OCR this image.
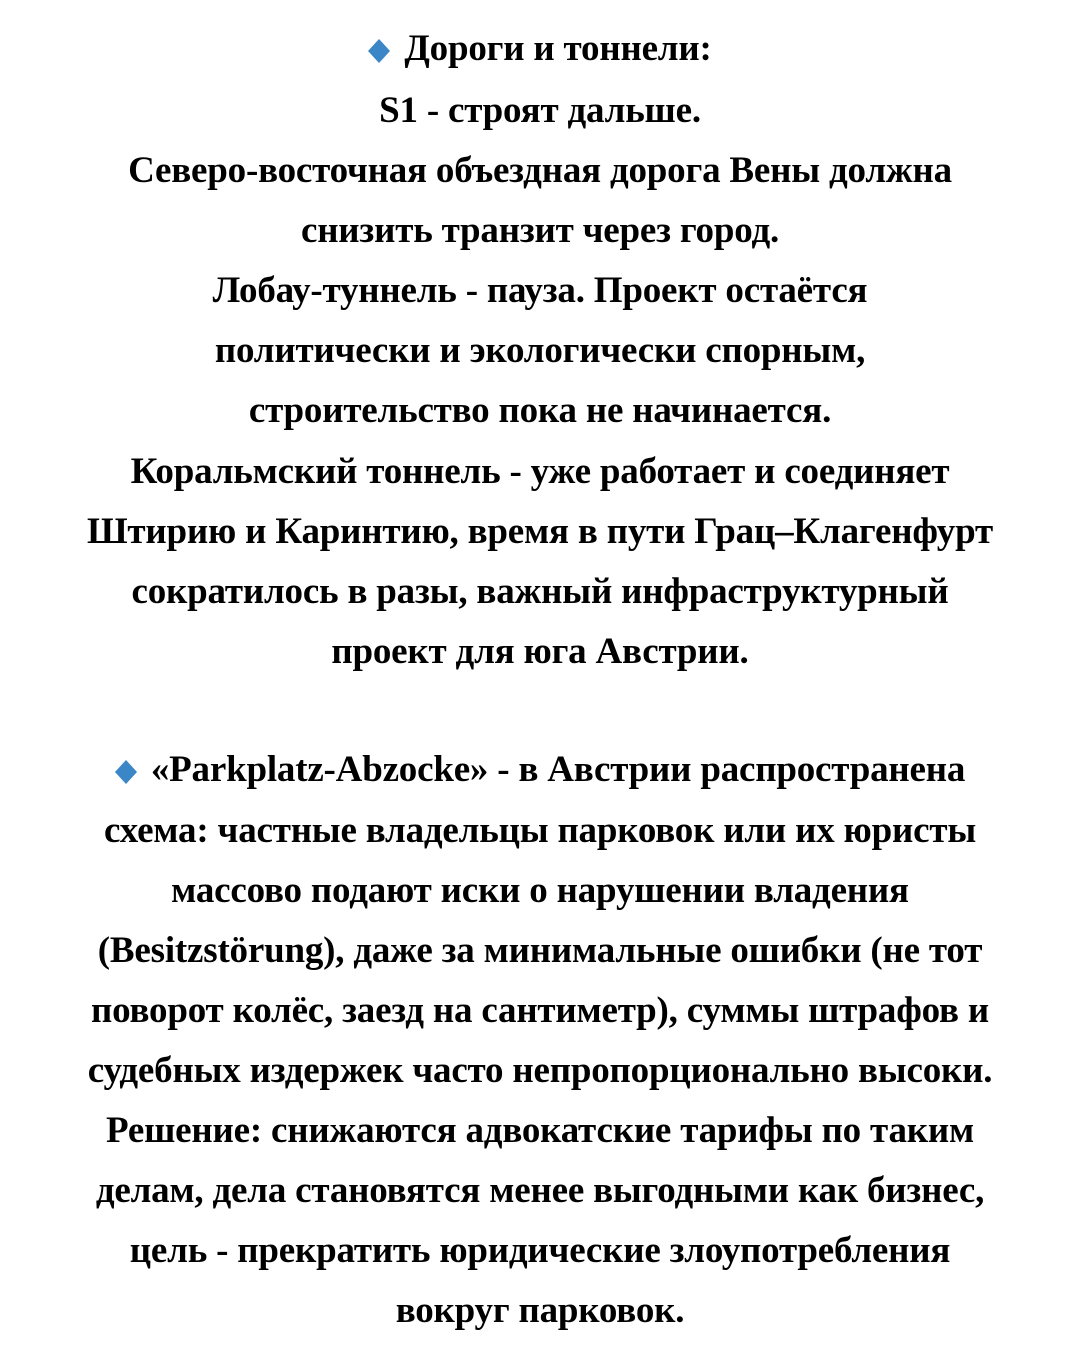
Дороги и тоннели:
S1 - строят дальше.
Северо-восточная объездная дорога Вены должна
снизить транзит через город.
Лобау-туннель - пауза. Проект остаётся
политически и экологически спорным,
строительство пока не начинается.
Коральмский тоннель - уже работает и соединяет
Штирию и Каринтию, время в пути Грац–Клагенфурт
сократилось в разы, важный инфраструктурный
проект для юга Австрии.
«Parkplatz-Abzocke» - в Австрии распространена
схема: частные владельцы парковок или их юристы
массово подают иски о нарушении владения
(Besitzstörung), даже за минимальные ошибки (не тот
поворот колёс, заезд на сантиметр), суммы штрафов и
судебных издержек часто непропорционально высоки.
Решение: снижаются адвокатские тарифы по таким
делам, дела становятся менее выгодными как бизнес,
цель - прекратить юридические злоупотребления
вокруг парковок.
